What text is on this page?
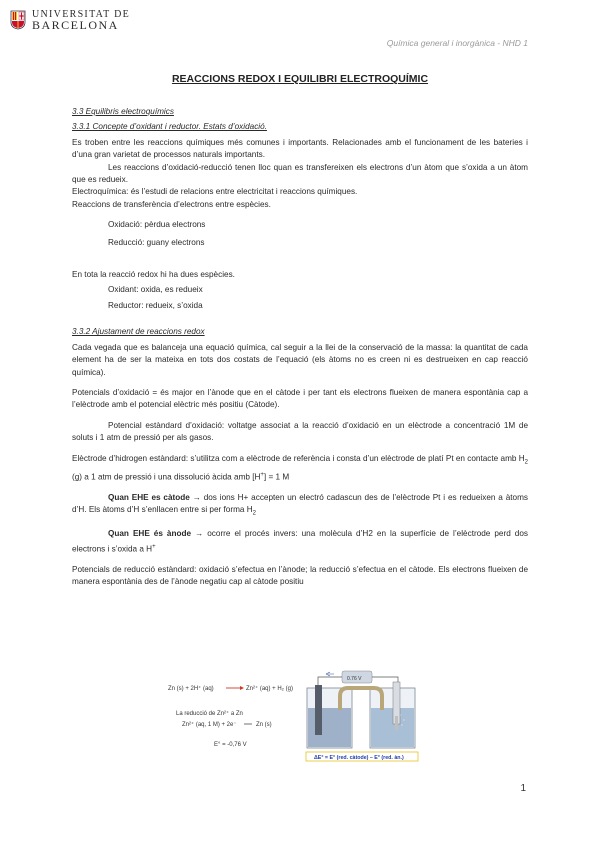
UNIVERSITAT DE
BARCELONA
Química general i inorgànica - NHD 1
REACCIONS REDOX I EQUILIBRI ELECTROQUÍMIC

3.3 Equilibris electroquímics

3.3.1 Concepte d’oxidant i reductor. Estats d’oxidació.

Es troben entre les reaccions químiques més comunes i importants. Relacionades amb el funcionament de les bateries i d’una gran varietat de processos naturals importants.

Les reaccions d’oxidació-reducció tenen lloc quan es transfereixen els electrons d’un àtom que s’oxida a un àtom que es redueix.

Electroquímica: és l’estudi de relacions entre electricitat i reaccions químiques.

Reaccions de transferència d’electrons entre espècies.

Oxidació: pèrdua electrons

Reducció: guany electrons

En tota la reacció redox hi ha dues espècies.

Oxidant: oxida, es redueix

Reductor: redueix, s’oxida

3.3.2 Ajustament de reaccions redox

Cada vegada que es balanceja una equació química, cal seguir a la llei de la conservació de la massa: la quantitat de cada element ha de ser la mateixa en tots dos costats de l’equació (els àtoms no es creen ni es destrueixen en cap reacció química).

Potencials d’oxidació = és major en l’ànode que en el càtode i per tant els electrons flueixen de manera espontània cap a l’elèctrode amb el potencial elèctric més positiu (Càtode).

Potencial estàndard d’oxidació: voltatge associat a la reacció d’oxidació en un elèctrode a concentració 1M de soluts i 1 atm de pressió per als gasos.

Elèctrode d’hidrogen estàndard: s’utilitza com a elèctrode de referència i consta d’un elèctrode de platí Pt en contacte amb $H_2$ (g) a 1 atm de pressió i una dissolució àcida amb [H+] = 1 M

Quan EHE es càtode → dos ions H+ accepten un electró cadascun des de l’elèctrode Pt i es redueixen a àtoms d’H. Els àtoms d’H s’enllacen entre si per forma $H_2$

Quan EHE és ànode → ocorre el procés invers: una molècula d’H2 en la superfície de l’elèctrode perd dos electrons i s’oxida a H+

Potencials de reducció estàndard: oxidació s’efectua en l’ànode; la reducció s’efectua en el càtode. Els electrons flueixen de manera espontània des de l’ànode negatiu cap al càtode positiu

Zn (s) + 2H⁺ (aq)	Zn²⁺ (aq) + H₂ (g)
La reducció de Zn²⁺ a Zn
Zn²⁺ (aq, 1 M) + 2e⁻	Zn (s)
E° = -0,76 V
0.76 V
ΔE° = E° (red. càtode) – E° (red. àn.)
1
